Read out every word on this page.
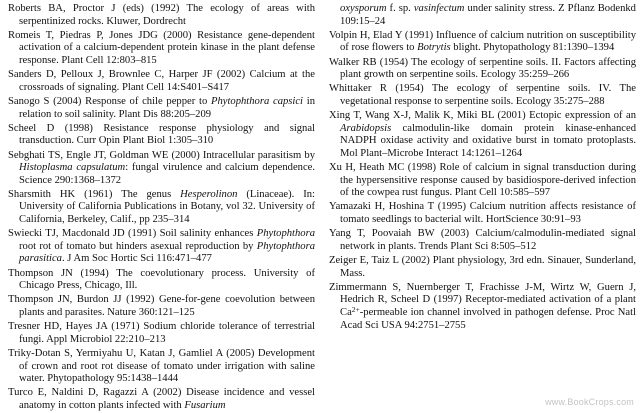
Roberts BA, Proctor J (eds) (1992) The ecology of areas with serpentinized rocks. Kluwer, Dordrecht

Romeis T, Piedras P, Jones JDG (2000) Resistance gene-dependent activation of a calcium-dependent protein kinase in the plant defense response. Plant Cell 12:803–815

Sanders D, Pelloux J, Brownlee C, Harper JF (2002) Calcium at the crossroads of signaling. Plant Cell 14:S401–S417

Sanogo S (2004) Response of chile pepper to Phytophthora capsici in relation to soil salinity. Plant Dis 88:205–209

Scheel D (1998) Resistance response physiology and signal transduction. Curr Opin Plant Biol 1:305–310

Sebghati TS, Engle JT, Goldman WE (2000) Intracellular parasitism by Histoplasma capsulatum: fungal virulence and calcium dependence. Science 290:1368–1372

Sharsmith HK (1961) The genus Hesperolinon (Linaceae). In: University of California Publications in Botany, vol 32. University of California, Berkeley, Calif., pp 235–314

Swiecki TJ, Macdonald JD (1991) Soil salinity enhances Phytophthora root rot of tomato but hinders asexual reproduction by Phytophthora parasitica. J Am Soc Hortic Sci 116:471–477

Thompson JN (1994) The coevolutionary process. University of Chicago Press, Chicago, Ill.

Thompson JN, Burdon JJ (1992) Gene-for-gene coevolution between plants and parasites. Nature 360:121–125

Tresner HD, Hayes JA (1971) Sodium chloride tolerance of terrestrial fungi. Appl Microbiol 22:210–213

Triky-Dotan S, Yermiyahu U, Katan J, Gamliel A (2005) Development of crown and root rot disease of tomato under irrigation with saline water. Phytopathology 95:1438–1444

Turco E, Naldini D, Ragazzi A (2002) Disease incidence and vessel anatomy in cotton plants infected with Fusarium

oxysporum f. sp. vasinfectum under salinity stress. Z Pflanz Bodenkd 109:15–24

Volpin H, Elad Y (1991) Influence of calcium nutrition on susceptibility of rose flowers to Botrytis blight. Phytopathology 81:1390–1394

Walker RB (1954) The ecology of serpentine soils. II. Factors affecting plant growth on serpentine soils. Ecology 35:259–266

Whittaker R (1954) The ecology of serpentine soils. IV. The vegetational response to serpentine soils. Ecology 35:275–288

Xing T, Wang X-J, Malik K, Miki BL (2001) Ectopic expression of an Arabidopsis calmodulin-like domain protein kinase-enhanced NADPH oxidase activity and oxidative burst in tomato protoplasts. Mol Plant–Microbe Interact 14:1261–1264

Xu H, Heath MC (1998) Role of calcium in signal transduction during the hypersensitive response caused by basidiospore-derived infection of the cowpea rust fungus. Plant Cell 10:585–597

Yamazaki H, Hoshina T (1995) Calcium nutrition affects resistance of tomato seedlings to bacterial wilt. HortScience 30:91–93

Yang T, Poovaiah BW (2003) Calcium/calmodulin-mediated signal network in plants. Trends Plant Sci 8:505–512

Zeiger E, Taiz L (2002) Plant physiology, 3rd edn. Sinauer, Sunderland, Mass.

Zimmermann S, Nuernberger T, Frachisse J-M, Wirtz W, Guern J, Hedrich R, Scheel D (1997) Receptor-mediated activation of a plant $Ca^{2+}$-permeable ion channel involved in pathogen defense. Proc Natl Acad Sci USA 94:2751–2755

www.BookCrops.com
